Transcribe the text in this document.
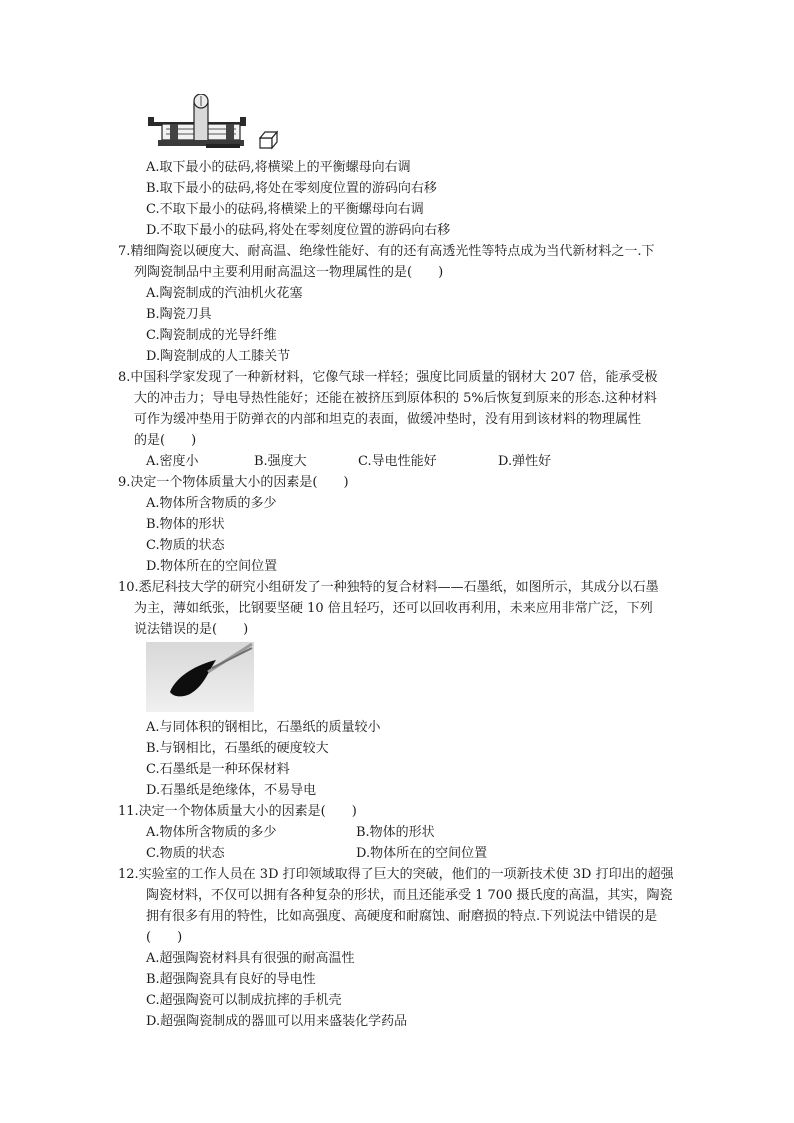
A.取下最小的砝码,将横梁上的平衡螺母向右调
B.取下最小的砝码,将处在零刻度位置的游码向右移
C.不取下最小的砝码,将横梁上的平衡螺母向右调
D.不取下最小的砝码,将处在零刻度位置的游码向右移
7.精细陶瓷以硬度大、耐高温、绝缘性能好、有的还有高透光性等特点成为当代新材料之一.下
列陶瓷制品中主要利用耐高温这一物理属性的是(　　)
A.陶瓷制成的汽油机火花塞
B.陶瓷刀具
C.陶瓷制成的光导纤维
D.陶瓷制成的人工膝关节
8.中国科学家发现了一种新材料，它像气球一样轻；强度比同质量的钢材大 207 倍，能承受极
大的冲击力；导电导热性能好；还能在被挤压到原体积的 5%后恢复到原来的形态.这种材料
可作为缓冲垫用于防弹衣的内部和坦克的表面，做缓冲垫时，没有用到该材料的物理属性
的是(　　)
A.密度小	B.强度大	C.导电性能好	D.弹性好
9.决定一个物体质量大小的因素是(　　)
A.物体所含物质的多少
B.物体的形状
C.物质的状态
D.物体所在的空间位置
10.悉尼科技大学的研究小组研发了一种独特的复合材料——石墨纸，如图所示，其成分以石墨
为主，薄如纸张，比钢要坚硬 10 倍且轻巧，还可以回收再利用，未来应用非常广泛，下列
说法错误的是(　　)
A.与同体积的钢相比，石墨纸的质量较小
B.与钢相比，石墨纸的硬度较大
C.石墨纸是一种环保材料
D.石墨纸是绝缘体，不易导电
11.决定一个物体质量大小的因素是(　　)
A.物体所含物质的多少	B.物体的形状
C.物质的状态	D.物体所在的空间位置
12.实验室的工作人员在 3D 打印领域取得了巨大的突破，他们的一项新技术使 3D 打印出的超强
陶瓷材料，不仅可以拥有各种复杂的形状，而且还能承受 1 700 摄氏度的高温，其实，陶瓷
拥有很多有用的特性，比如高强度、高硬度和耐腐蚀、耐磨损的特点.下列说法中错误的是
(　　)
A.超强陶瓷材料具有很强的耐高温性
B.超强陶瓷具有良好的导电性
C.超强陶瓷可以制成抗摔的手机壳
D.超强陶瓷制成的器皿可以用来盛装化学药品
